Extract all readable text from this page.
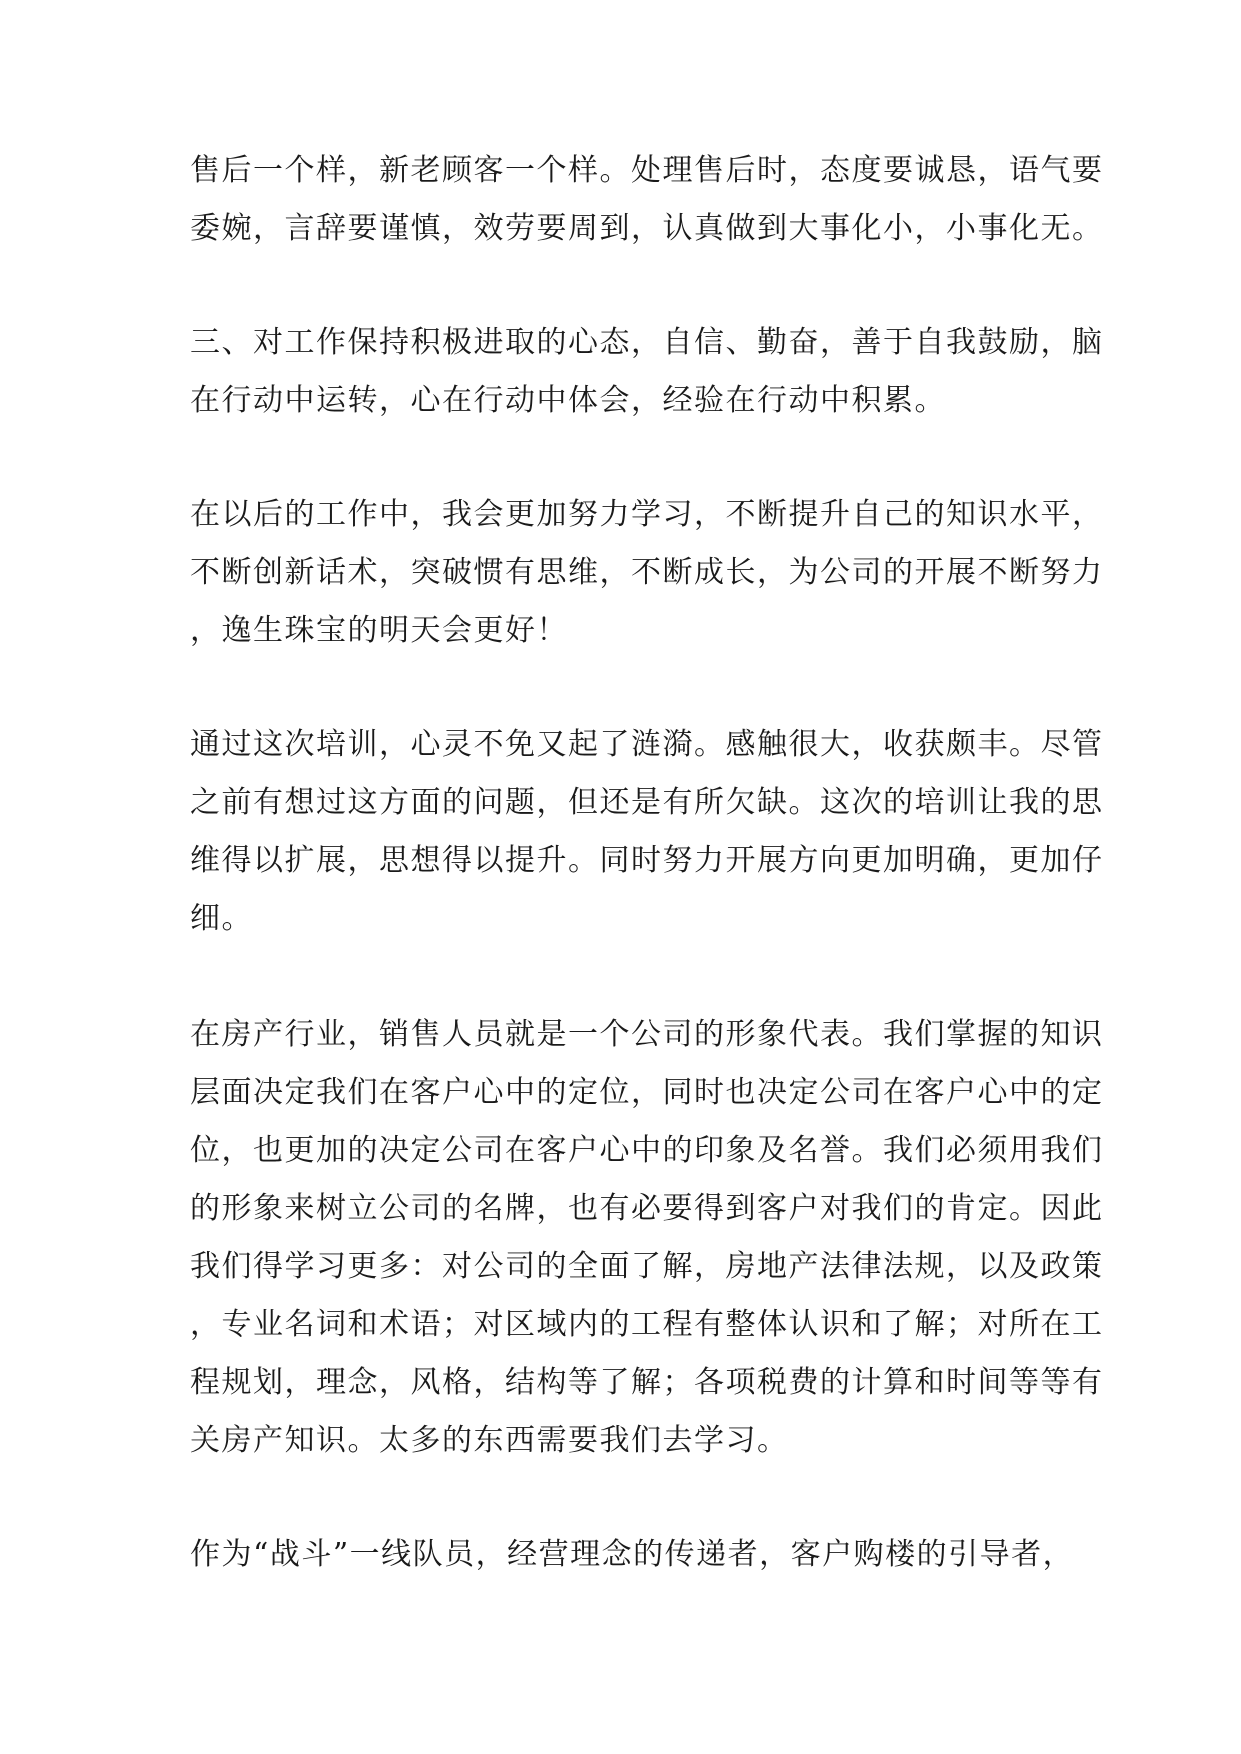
售后一个样，新老顾客一个样。处理售后时，态度要诚恳，语气要
委婉，言辞要谨慎，效劳要周到，认真做到大事化小，小事化无。

三、对工作保持积极进取的心态，自信、勤奋，善于自我鼓励，脑
在行动中运转，心在行动中体会，经验在行动中积累。

在以后的工作中，我会更加努力学习，不断提升自己的知识水平，
不断创新话术，突破惯有思维，不断成长，为公司的开展不断努力
，逸生珠宝的明天会更好！

通过这次培训，心灵不免又起了涟漪。感触很大，收获颇丰。尽管
之前有想过这方面的问题，但还是有所欠缺。这次的培训让我的思
维得以扩展，思想得以提升。同时努力开展方向更加明确，更加仔
细。

在房产行业，销售人员就是一个公司的形象代表。我们掌握的知识
层面决定我们在客户心中的定位，同时也决定公司在客户心中的定
位，也更加的决定公司在客户心中的印象及名誉。我们必须用我们
的形象来树立公司的名牌，也有必要得到客户对我们的肯定。因此
我们得学习更多：对公司的全面了解，房地产法律法规，以及政策
，专业名词和术语；对区域内的工程有整体认识和了解；对所在工
程规划，理念，风格，结构等了解；各项税费的计算和时间等等有
关房产知识。太多的东西需要我们去学习。

作为“战斗”一线队员，经营理念的传递者，客户购楼的引导者，
